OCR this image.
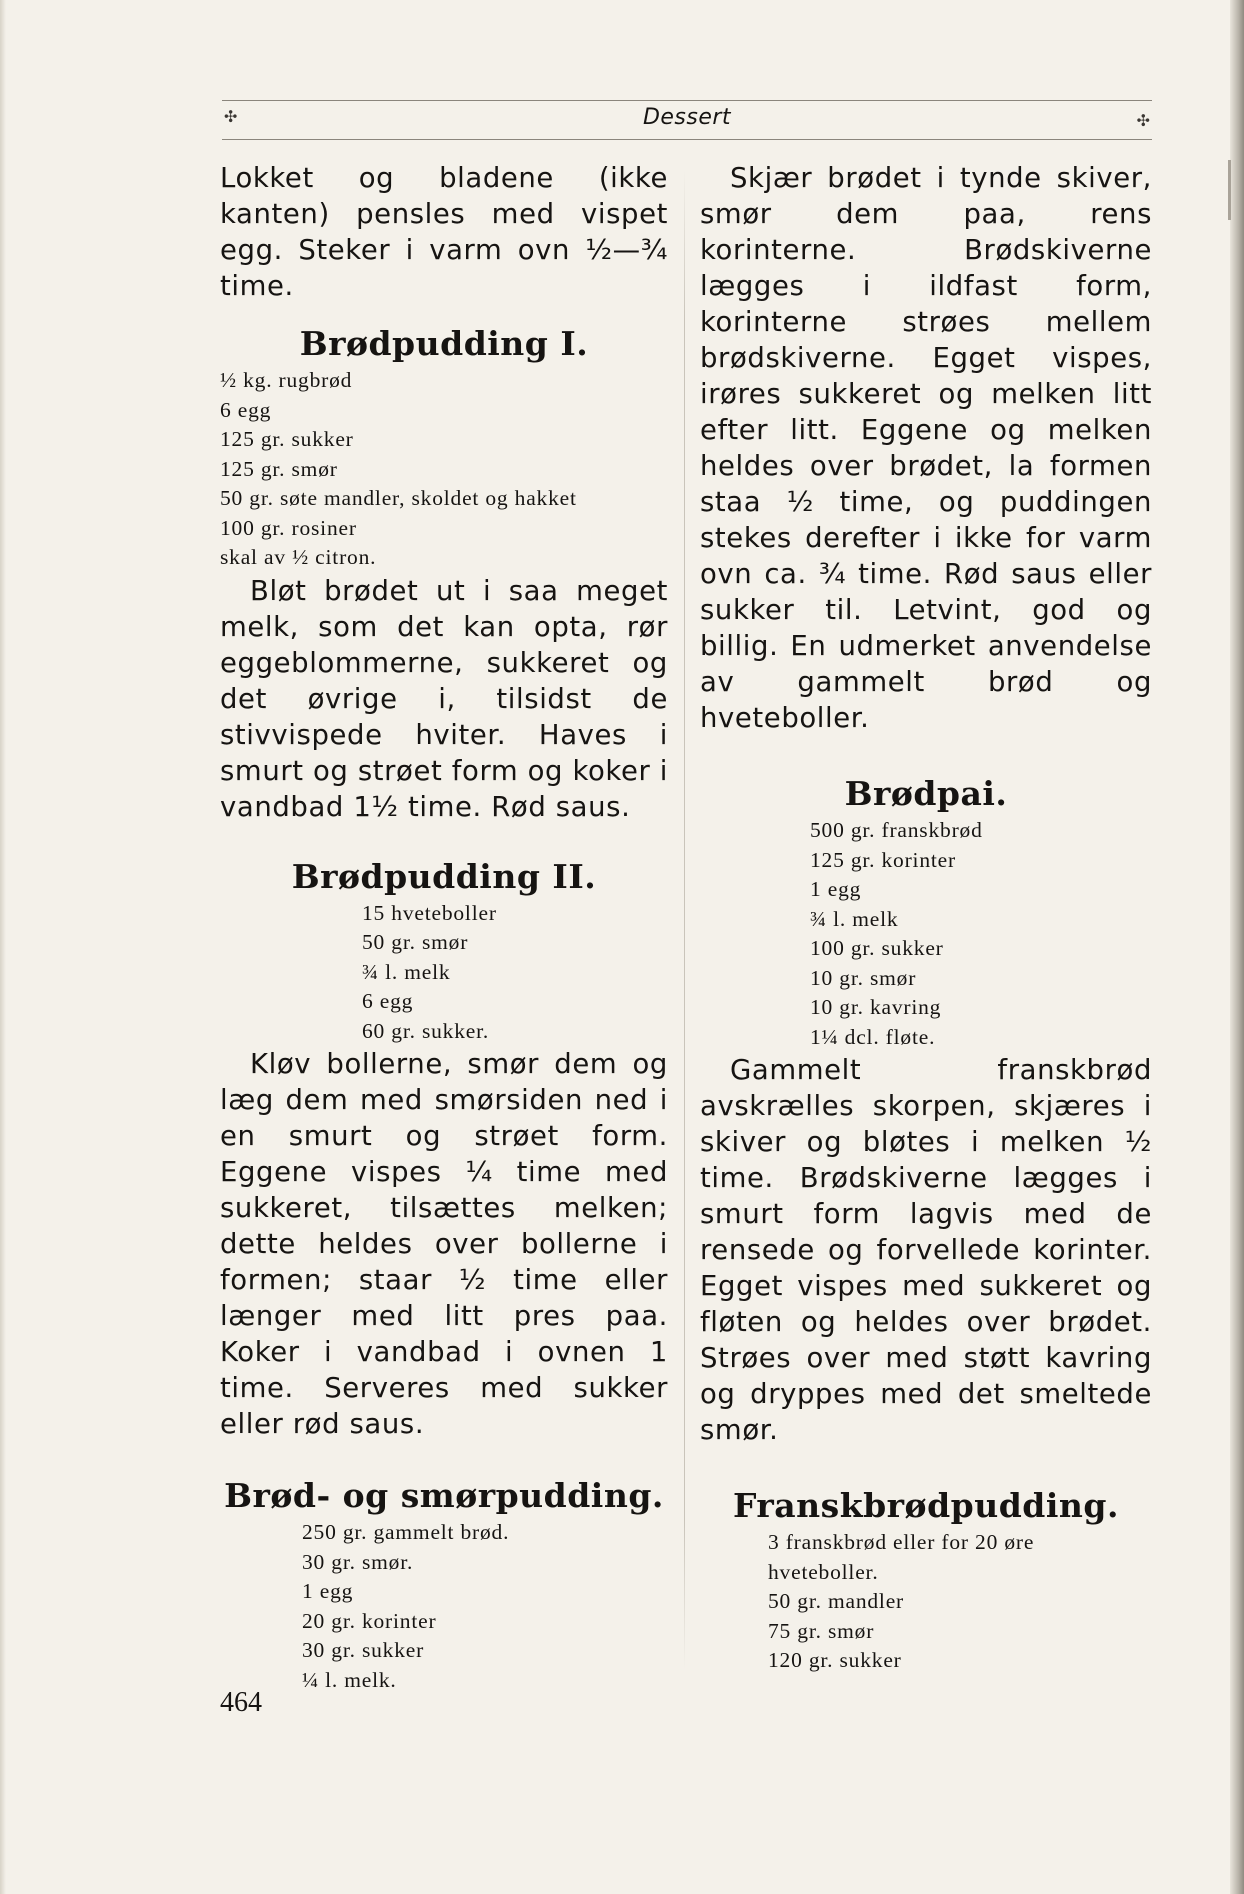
✣	Dessert	✣

Lokket og bladene (ikke kanten) pensles med vispet egg. Steker i varm ovn ½—¾ time.

Brødpudding I.
½ kg. rugbrød
6 egg
125 gr. sukker
125 gr. smør
50 gr. søte mandler, skoldet og hakket
100 gr. rosiner
skal av ½ citron.

Bløt brødet ut i saa meget melk, som det kan opta, rør eggeblommerne, sukkeret og det øvrige i, tilsidst de stivvispede hviter. Haves i smurt og strøet form og koker i vandbad 1½ time. Rød saus.

Brødpudding II.
15 hveteboller
50 gr. smør
¾ l. melk
6 egg
60 gr. sukker.

Kløv bollerne, smør dem og læg dem med smørsiden ned i en smurt og strøet form. Eggene vispes ¼ time med sukkeret, tilsættes melken; dette heldes over bollerne i formen; staar ½ time eller længer med litt pres paa. Koker i vandbad i ovnen 1 time. Serveres med sukker eller rød saus.

Brød- og smørpudding.
250 gr. gammelt brød.
30 gr. smør.
1 egg
20 gr. korinter
30 gr. sukker
¼ l. melk.

Skjær brødet i tynde skiver, smør dem paa, rens korinterne. Brødskiverne lægges i ildfast form, korinterne strøes mellem brødskiverne. Egget vispes, irøres sukkeret og melken litt efter litt. Eggene og melken heldes over brødet, la formen staa ½ time, og puddingen stekes derefter i ikke for varm ovn ca. ¾ time. Rød saus eller sukker til. Letvint, god og billig. En udmerket anvendelse av gammelt brød og hveteboller.

Brødpai.
500 gr. franskbrød
125 gr. korinter
1 egg
¾ l. melk
100 gr. sukker
10 gr. smør
10 gr. kavring
1¼ dcl. fløte.

Gammelt franskbrød avskrælles skorpen, skjæres i skiver og bløtes i melken ½ time. Brødskiverne lægges i smurt form lagvis med de rensede og forvellede korinter. Egget vispes med sukkeret og fløten og heldes over brødet. Strøes over med støtt kavring og dryppes med det smeltede smør.

Franskbrødpudding.
3 franskbrød eller for 20 øre hveteboller.
50 gr. mandler
75 gr. smør
120 gr. sukker
464
